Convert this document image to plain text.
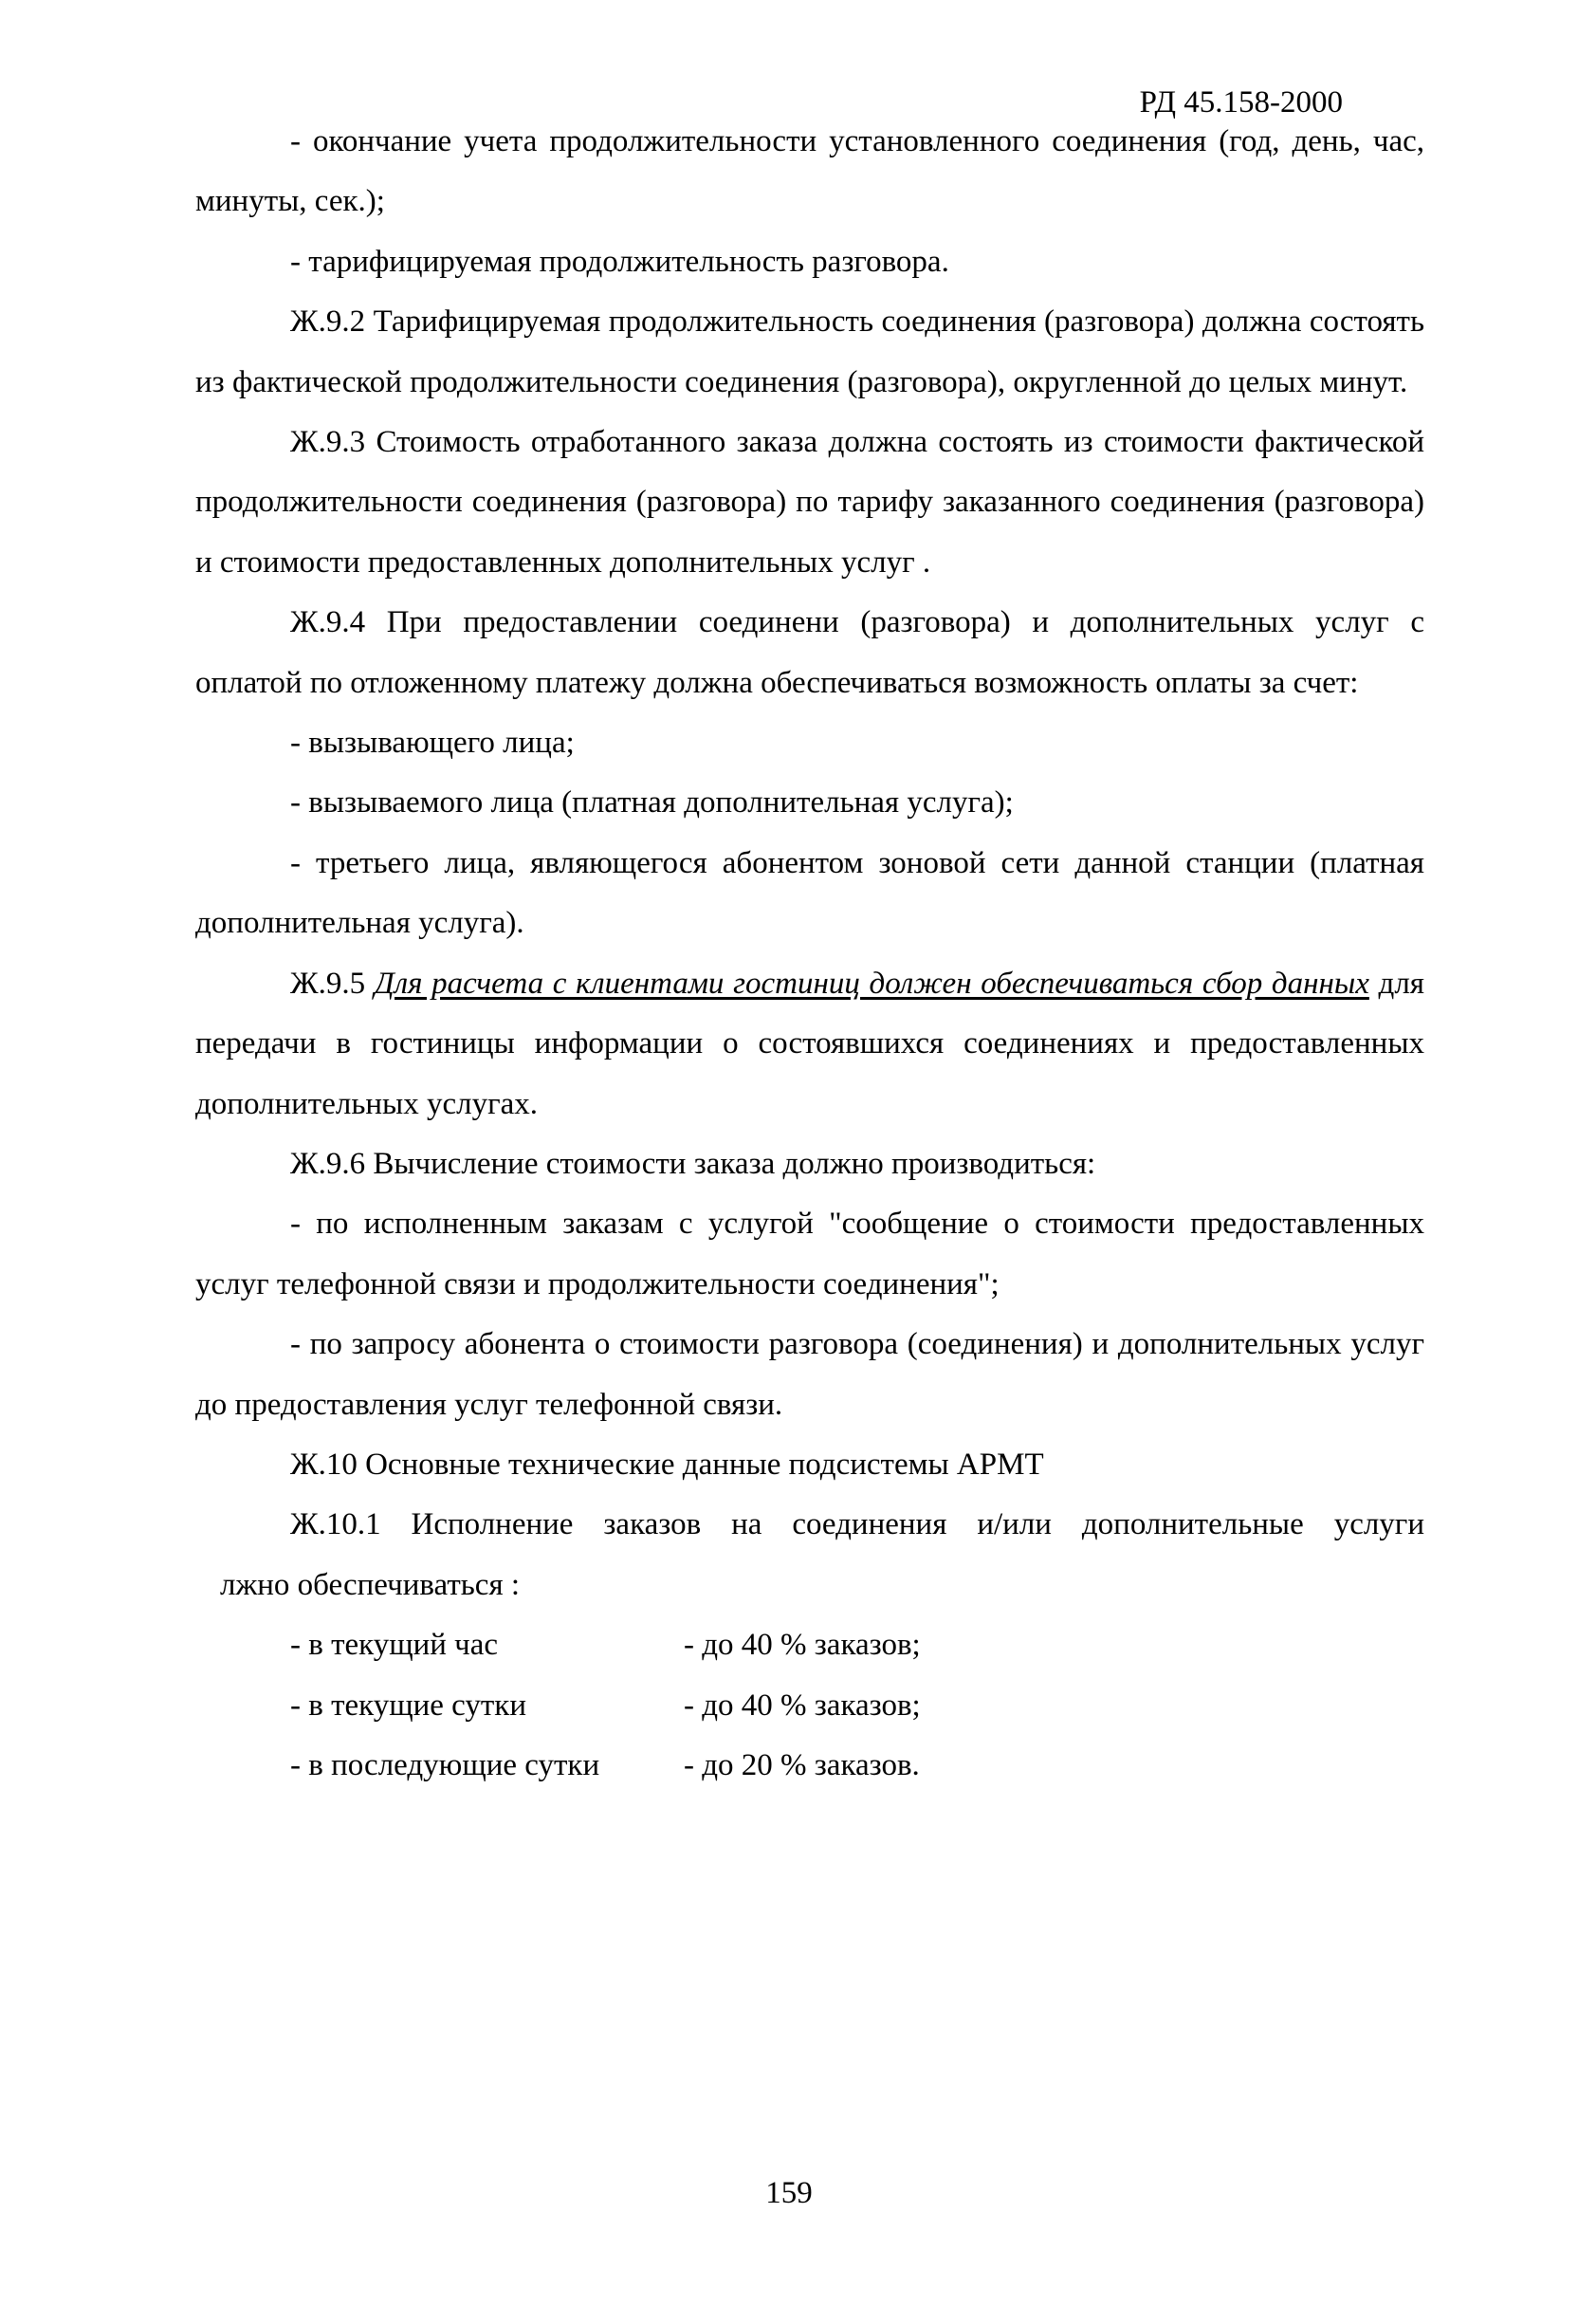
РД 45.158-2000

- окончание учета продолжительности установленного соединения (год, день, час, минуты, сек.);

- тарифицируемая продолжительность разговора.

Ж.9.2 Тарифицируемая продолжительность соединения (разговора) должна состоять из фактической продолжительности соединения (разговора), округленной до целых минут.

Ж.9.3 Стоимость отработанного заказа должна состоять из стоимости фактической продолжительности соединения (разговора) по тарифу заказанного соединения (разговора) и стоимости предоставленных дополнительных услуг .

Ж.9.4 При предоставлении соединени (разговора) и дополнительных услуг с оплатой по отложенному платежу должна обеспечиваться возможность оплаты за счет:

- вызывающего лица;

- вызываемого лица (платная дополнительная услуга);

- третьего лица, являющегося абонентом зоновой сети данной станции (платная дополнительная услуга).

Ж.9.5 Для расчета с клиентами гостиниц должен обеспечиваться сбор данных для передачи в гостиницы информации о состоявшихся соединениях и предоставленных дополнительных услугах.

Ж.9.6 Вычисление стоимости заказа должно производиться:

- по исполненным заказам с услугой "сообщение о стоимости предоставленных услуг телефонной связи и продолжительности соединения";

- по запросу абонента о стоимости разговора (соединения) и дополнительных услуг до предоставления услуг телефонной связи.

Ж.10 Основные технические данные подсистемы АРМТ

Ж.10.1 Исполнение заказов на соединения и/или дополнительные услуги

лжно обеспечиваться :

- в текущий час	- до 40 % заказов;
- в текущие сутки	- до 40 % заказов;
- в последующие сутки	- до 20 % заказов.
159
